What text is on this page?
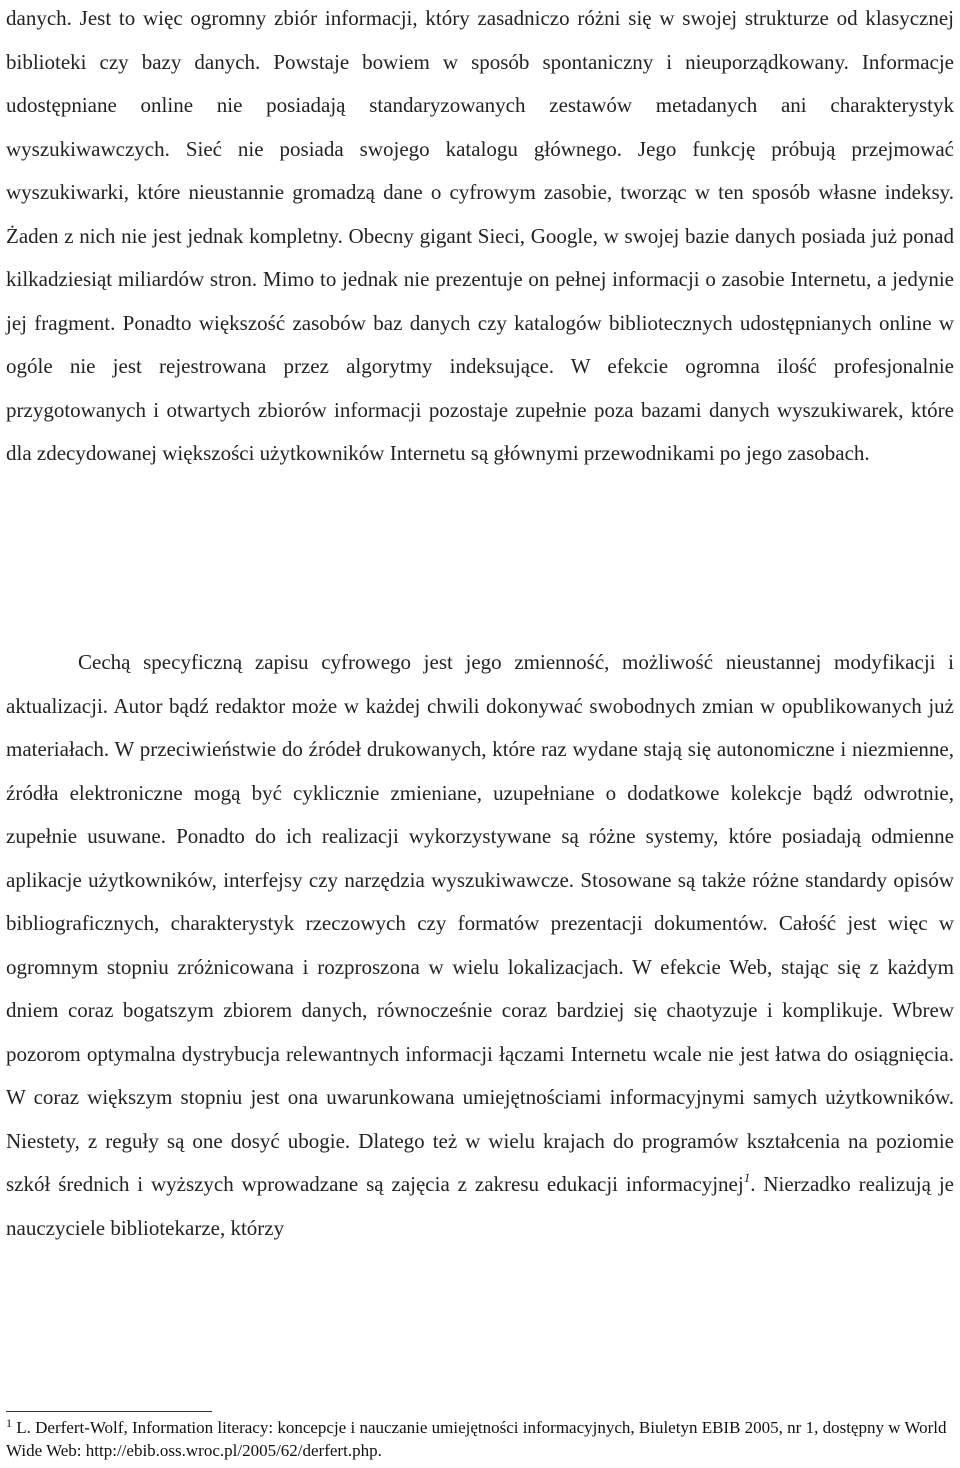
danych. Jest to więc ogromny zbiór informacji, który zasadniczo różni się w swojej strukturze od klasycznej biblioteki czy bazy danych. Powstaje bowiem w sposób spontaniczny i nieuporządkowany. Informacje udostępniane online nie posiadają standaryzowanych zestawów metadanych ani charakterystyk wyszukiwawczych. Sieć nie posiada swojego katalogu głównego. Jego funkcję próbują przejmować wyszukiwarki, które nieustannie gromadzą dane o cyfrowym zasobie, tworząc w ten sposób własne indeksy. Żaden z nich nie jest jednak kompletny. Obecny gigant Sieci, Google, w swojej bazie danych posiada już ponad kilkadziesiąt miliardów stron. Mimo to jednak nie prezentuje on pełnej informacji o zasobie Internetu, a jedynie jej fragment. Ponadto większość zasobów baz danych czy katalogów bibliotecznych udostępnianych online w ogóle nie jest rejestrowana przez algorytmy indeksujące. W efekcie ogromna ilość profesjonalnie przygotowanych i otwartych zbiorów informacji pozostaje zupełnie poza bazami danych wyszukiwarek, które dla zdecydowanej większości użytkowników Internetu są głównymi przewodnikami po jego zasobach.

Cechą specyficzną zapisu cyfrowego jest jego zmienność, możliwość nieustannej modyfikacji i aktualizacji. Autor bądź redaktor może w każdej chwili dokonywać swobodnych zmian w opublikowanych już materiałach. W przeciwieństwie do źródeł drukowanych, które raz wydane stają się autonomiczne i niezmienne, źródła elektroniczne mogą być cyklicznie zmieniane, uzupełniane o dodatkowe kolekcje bądź odwrotnie, zupełnie usuwane. Ponadto do ich realizacji wykorzystywane są różne systemy, które posiadają odmienne aplikacje użytkowników, interfejsy czy narzędzia wyszukiwawcze. Stosowane są także różne standardy opisów bibliograficznych, charakterystyk rzeczowych czy formatów prezentacji dokumentów. Całość jest więc w ogromnym stopniu zróżnicowana i rozproszona w wielu lokalizacjach. W efekcie Web, stając się z każdym dniem coraz bogatszym zbiorem danych, równocześnie coraz bardziej się chaotyzuje i komplikuje. Wbrew pozorom optymalna dystrybucja relewantnych informacji łączami Internetu wcale nie jest łatwa do osiągnięcia. W coraz większym stopniu jest ona uwarunkowana umiejętnościami informacyjnymi samych użytkowników. Niestety, z reguły są one dosyć ubogie. Dlatego też w wielu krajach do programów kształcenia na poziomie szkół średnich i wyższych wprowadzane są zajęcia z zakresu edukacji informacyjnej$^1$. Nierzadko realizują je nauczyciele bibliotekarze, którzy

$^1$ L. Derfert-Wolf, Information literacy: koncepcje i nauczanie umiejętności informacyjnych, Biuletyn EBIB 2005, nr 1, dostępny w World Wide Web: http://ebib.oss.wroc.pl/2005/62/derfert.php.
